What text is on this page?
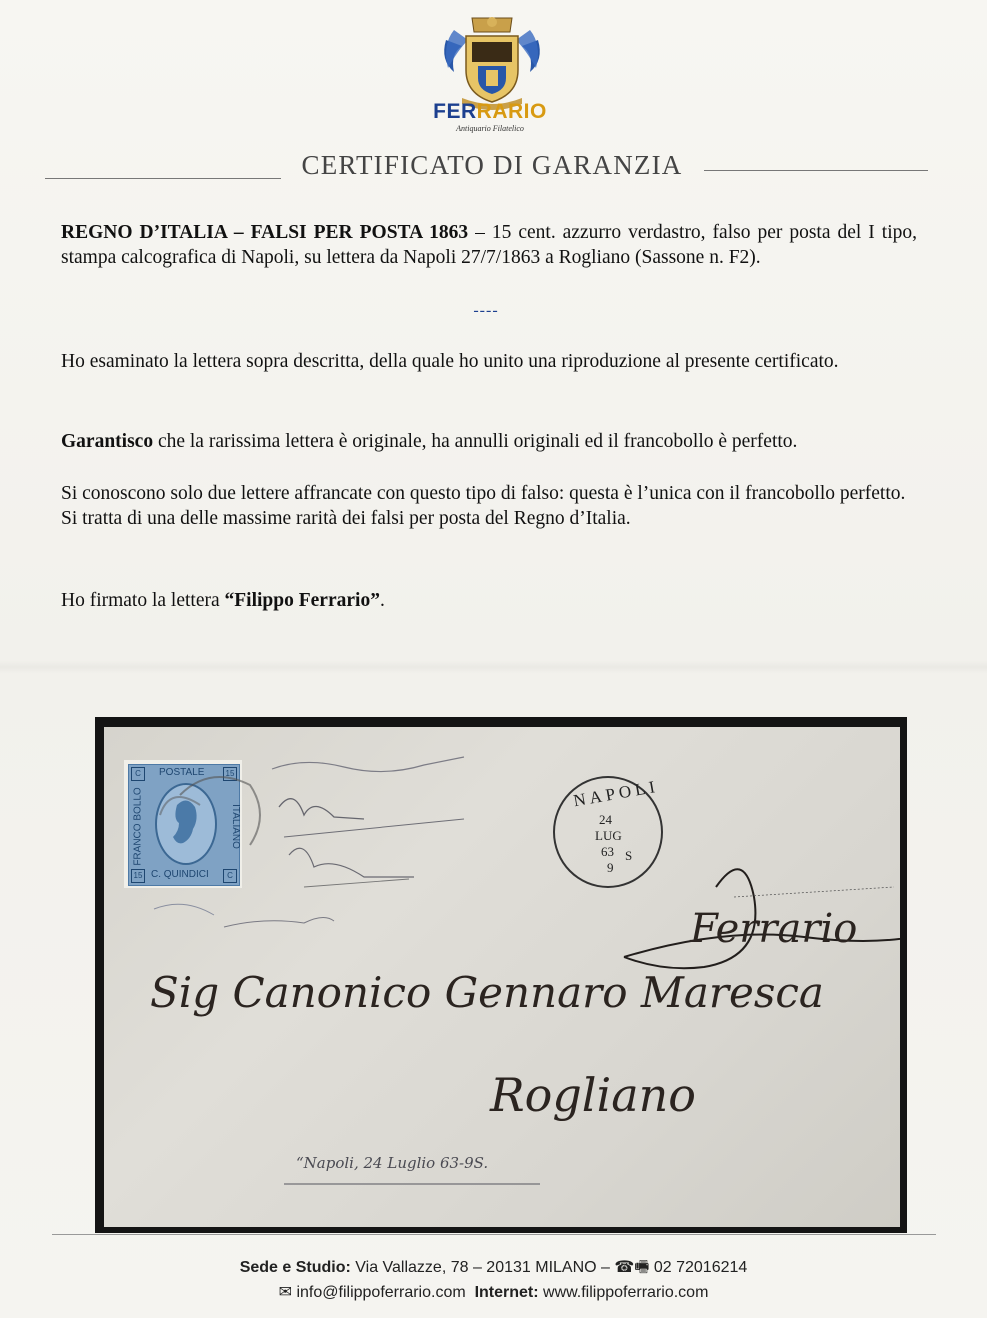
FERRARIO
Antiquario Filatelico
CERTIFICATO DI GARANZIA

REGNO D’ITALIA – FALSI PER POSTA 1863 – 15 cent. azzurro verdastro, falso per posta del I tipo, stampa calcografica di Napoli, su lettera da Napoli 27/7/1863 a Rogliano (Sassone n. F2).

----

Ho esaminato la lettera sopra descritta, della quale ho unito una riproduzione al presente certificato.

Garantisco che la rarissima lettera è originale, ha annulli originali ed il francobollo è perfetto.

Si conoscono solo due lettere affrancate con questo tipo di falso: questa è l’unica con il francobollo perfetto.

Si tratta di una delle massime rarità dei falsi per posta del Regno d’Italia.

Ho firmato la lettera “Filippo Ferrario”.

POSTALE
FRANCO BOLLO	ITALIANO
C. QUINDICI
C	15
15	C
NAPOLI
24
LUG
63
9
S
Sig Canonico Gennaro Maresca
Rogliano
“Napoli, 24 Luglio 63-9S.
Ferrario
Sede e Studio: Via Vallazze, 78 – 20131 MILANO – ☎🖷 02 72016214
✉ info@filippoferrario.com Internet: www.filippoferrario.com
